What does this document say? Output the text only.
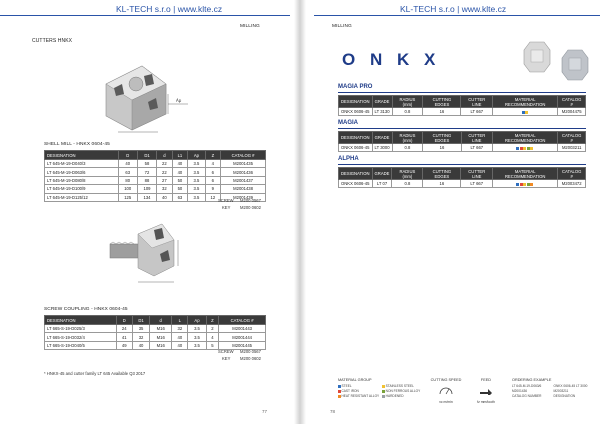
KL-TECH s.r.o | www.klte.cz
MILLING
CUTTERS HNKX
Ap
SHELL MILL - HNKX 0604-45
DESIGNATION	D	D1	d	L1	Ap	Z	CATALOG #
LT 645-M-19-D040/3	40	58	22	40	3.5	4	M2001435
LT 645-M-19-D063/6	63	72	22	40	3.5	6	M2001436
LT 645-M-19-D080/8	80	88	27	50	3.5	6	M2001437
LT 645-M-19-D100/9	100	109	32	50	3.5	9	M2001438
LT 645-M-19-D125/12	125	134	40	63	3.5	12	M2001439
SCREW M200 0567
KEY M200 0602
SCREW COUPLING - HNKX 0604-45
DESIGNATION	D	D1	d	L	Ap	Z	CATALOG #
LT 665-S-19-D025/3	24	35	M16	32	3.5	2	M2001443
LT 665-S-19-D032/4	41	32	M16	40	3.5	4	M2001444
LT 665-S-19-D040/5	49	40	M16	40	3.5	5	M2001445
SCREW M200 0567
KEY M200 0602
* HNKX-45 and cutter family LT 645 Available Q3 2017
77
KL-TECH s.r.o | www.klte.cz
MILLING
O N K X
MAGIA PRO
DESIGNATION	GRADE	RADIUS (mm)	CUTTING EDGES	CUTTER LINE	MATERIAL RECOMMENDATION	CATALOG #
ONKX 0606-45	LT 3130	0.8	16	LT 667		M2004475
MAGIA
DESIGNATION	GRADE	RADIUS (mm)	CUTTING EDGES	CUTTER LINE	MATERIAL RECOMMENDATION	CATALOG #
ONKX 0606-45	LT 3000	0.8	16	LT 667		M2003211
ALPHA
DESIGNATION	GRADE	RADIUS (mm)	CUTTING EDGES	CUTTER LINE	MATERIAL RECOMMENDATION	CATALOG #
ONKX 0606-45	LT 07	0.8	16	LT 667		M2003472
MATERIAL GROUP
STEEL	STAINLESS STEEL
CAST IRON	NON FERROUS ALLOY
HEAT RESISTANT ALLOY HARDENED
CUTTING SPEED
vc m/min
FEED
fz mm/tooth
ORDERING EXAMPLE
LT 645-M-19-D063/6	ONKX 0606-45 LT 3000
M2001436	M2003211
CATALOG NUMBER	DESIGNATION
78
